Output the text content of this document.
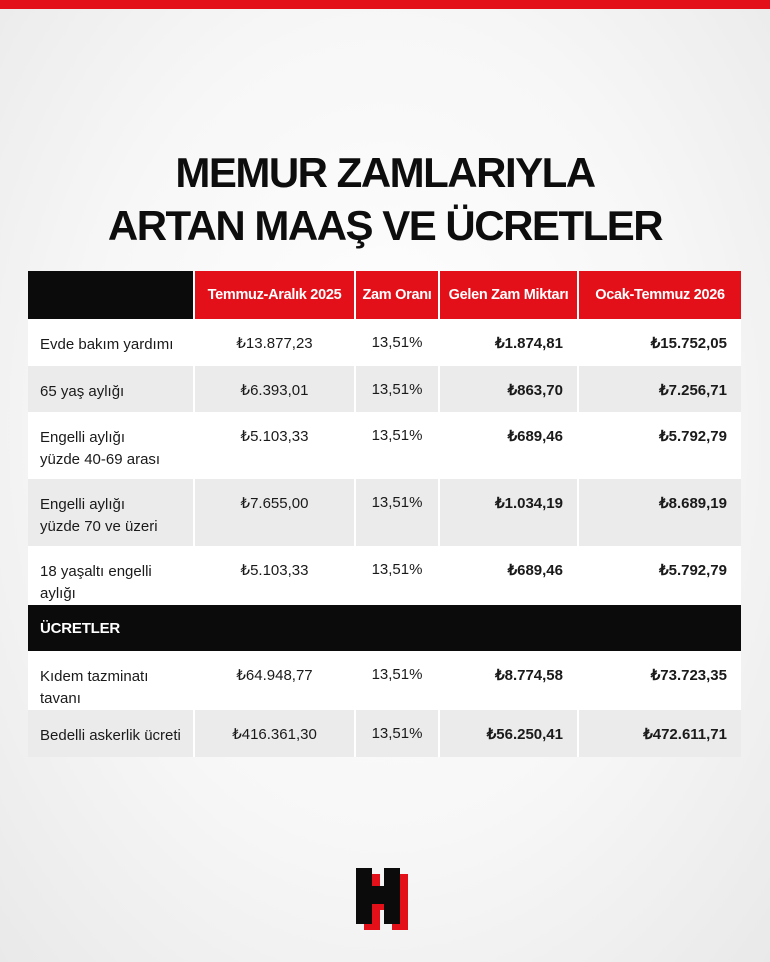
MEMUR ZAMLARIYLA
ARTAN MAAŞ VE ÜCRETLER
	Temmuz-Aralık 2025	Zam Oranı	Gelen Zam Miktarı	Ocak-Temmuz 2026
Evde bakım yardımı	₺13.877,23	13,51%	₺1.874,81	₺15.752,05
65 yaş aylığı	₺6.393,01	13,51%	₺863,70	₺7.256,71
Engelli aylığı
yüzde 40-69 arası	₺5.103,33	13,51%	₺689,46	₺5.792,79
Engelli aylığı
yüzde 70 ve üzeri	₺7.655,00	13,51%	₺1.034,19	₺8.689,19
18 yaşaltı engelli aylığı	₺5.103,33	13,51%	₺689,46	₺5.792,79
ÜCRETLER				
Kıdem tazminatı tavanı	₺64.948,77	13,51%	₺8.774,58	₺73.723,35
Bedelli askerlik ücreti	₺416.361,30	13,51%	₺56.250,41	₺472.611,71
